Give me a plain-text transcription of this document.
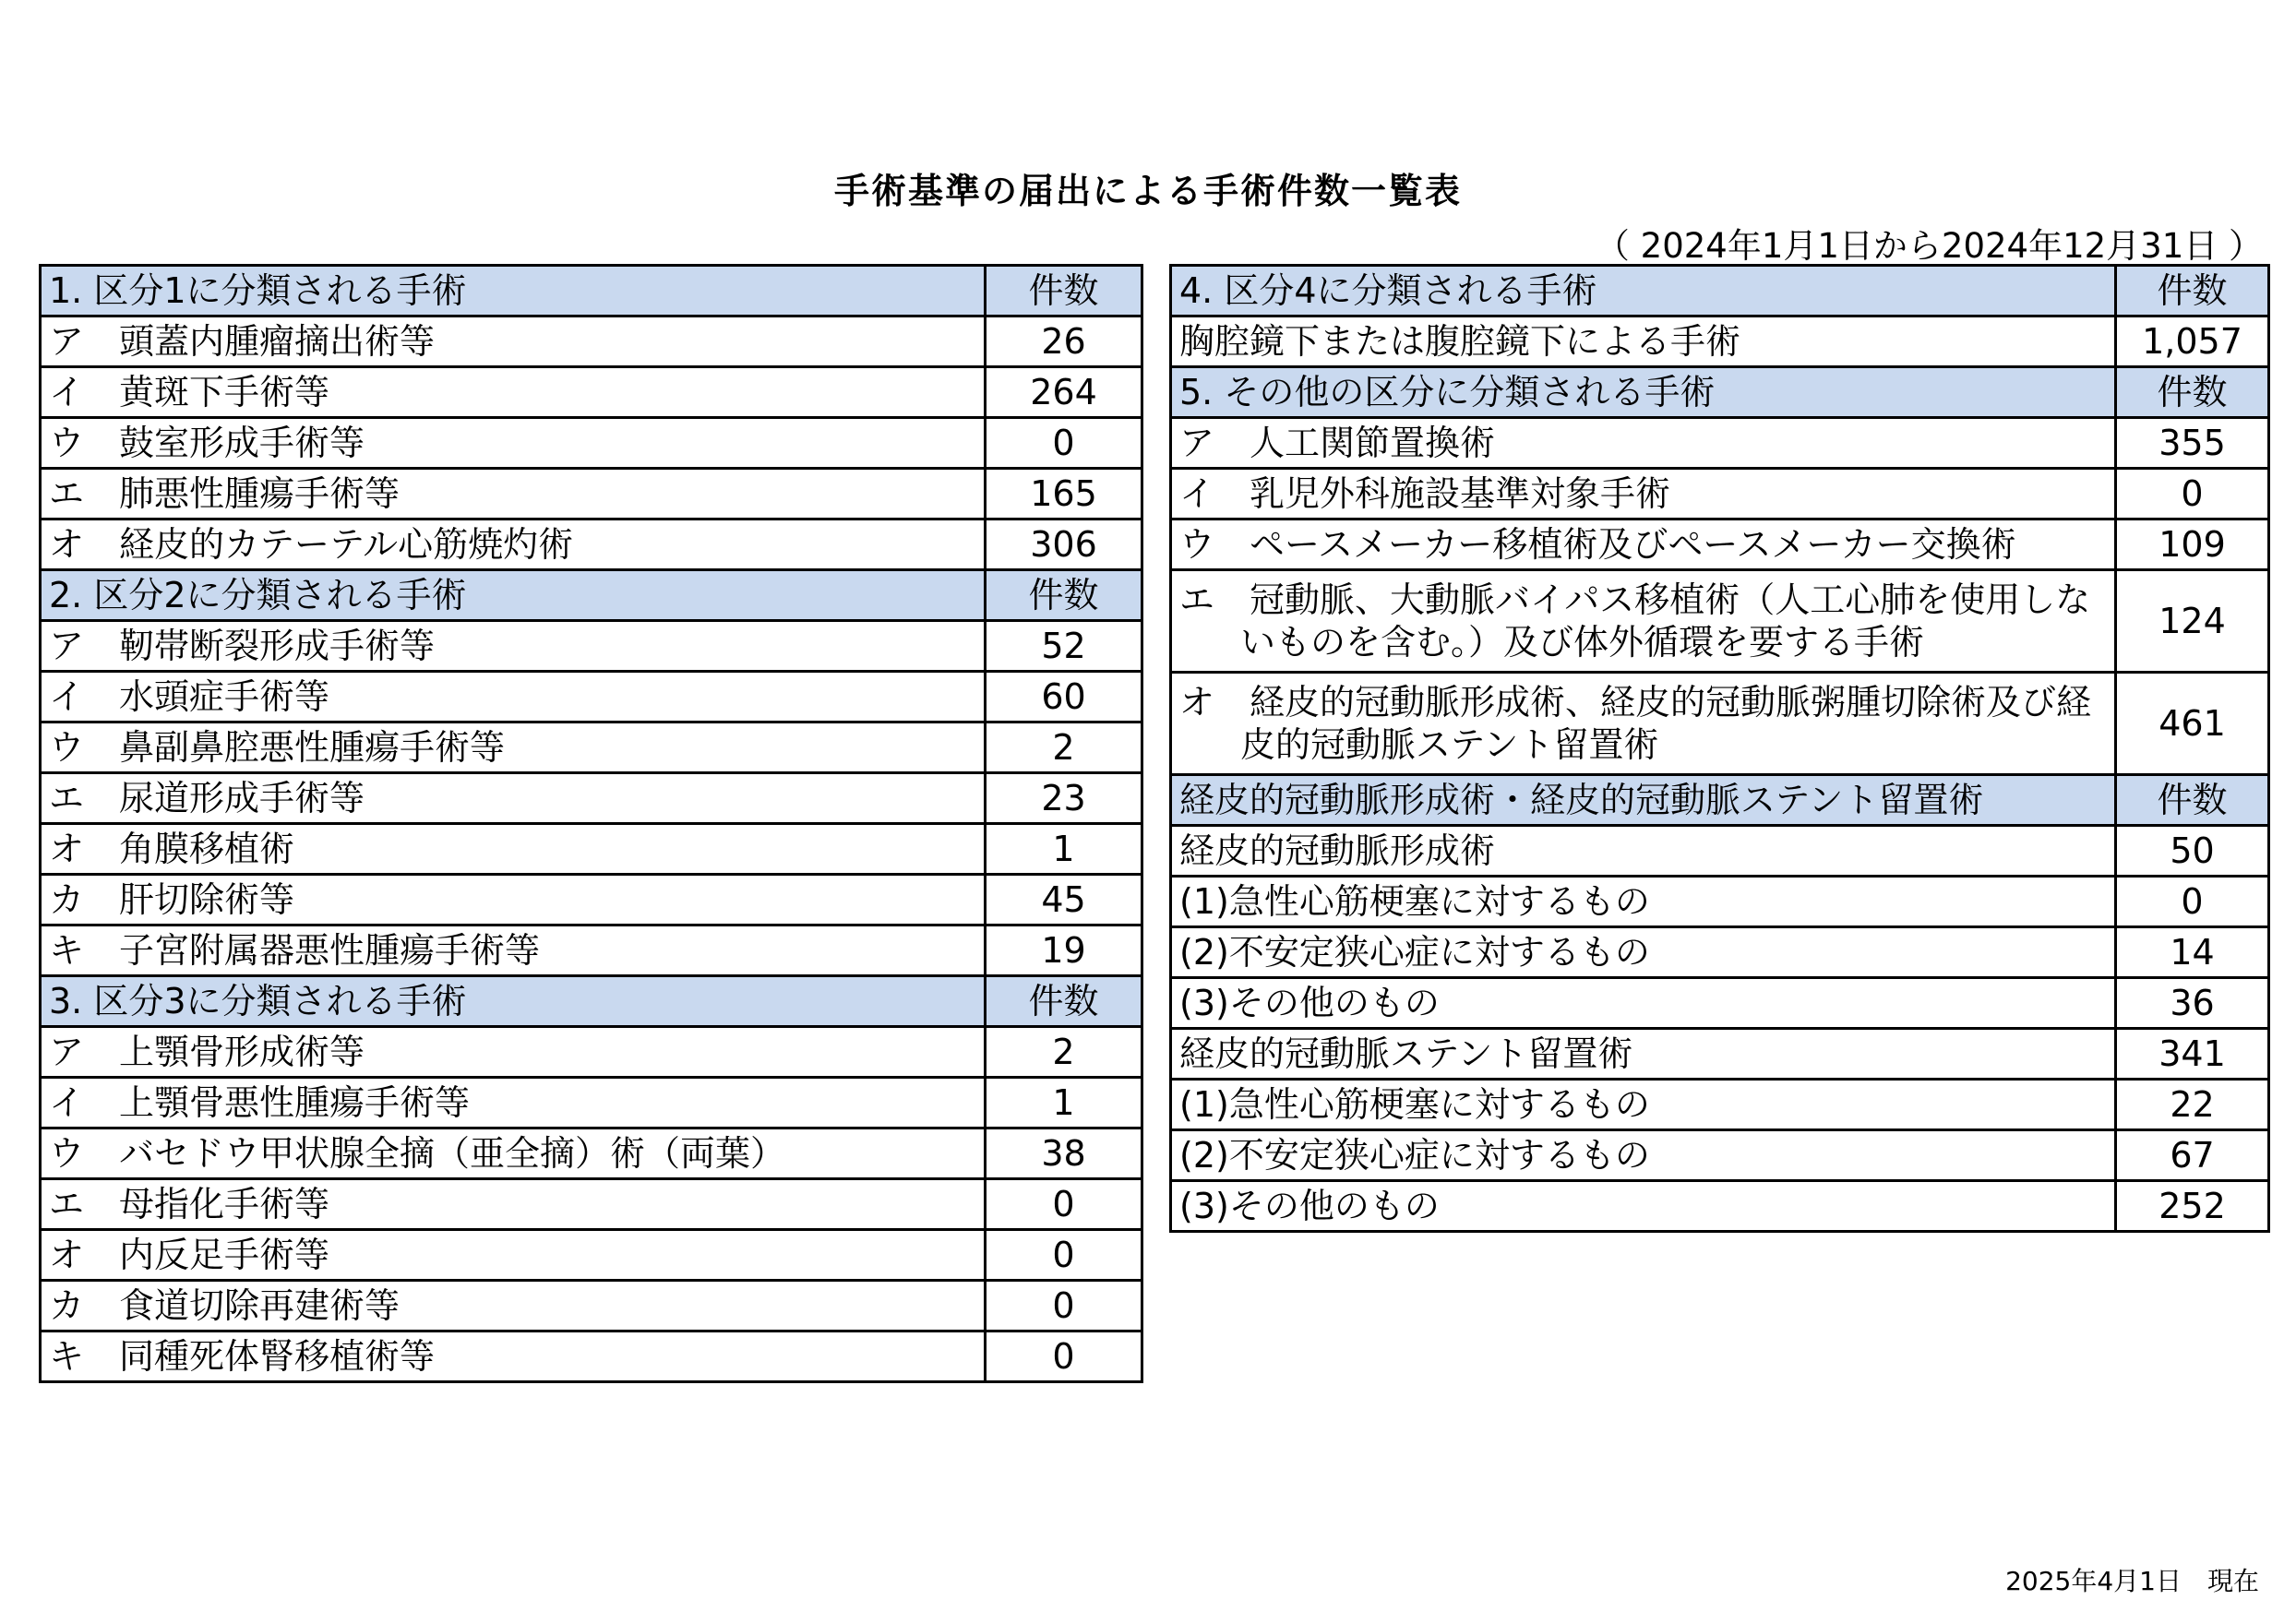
手術基準の届出による手術件数一覧表
（ 2024年1月1日から2024年12月31日 ）
1. 区分1に分類される手術	件数
ア　頭蓋内腫瘤摘出術等	26
イ　黄斑下手術等	264
ウ　鼓室形成手術等	0
エ　肺悪性腫瘍手術等	165
オ　経皮的カテーテル心筋焼灼術	306
2. 区分2に分類される手術	件数
ア　靭帯断裂形成手術等	52
イ　水頭症手術等	60
ウ　鼻副鼻腔悪性腫瘍手術等	2
エ　尿道形成手術等	23
オ　角膜移植術	1
カ　肝切除術等	45
キ　子宮附属器悪性腫瘍手術等	19
3. 区分3に分類される手術	件数
ア　上顎骨形成術等	2
イ　上顎骨悪性腫瘍手術等	1
ウ　バセドウ甲状腺全摘（亜全摘）術（両葉）	38
エ　母指化手術等	0
オ　内反足手術等	0
カ　食道切除再建術等	0
キ　同種死体腎移植術等	0
4. 区分4に分類される手術	件数
胸腔鏡下または腹腔鏡下による手術	1,057
5. その他の区分に分類される手術	件数
ア　人工関節置換術	355
イ　乳児外科施設基準対象手術	0
ウ　ペースメーカー移植術及びペースメーカー交換術	109

エ　冠動脈、大動脈バイパス移植術（人工心肺を使用しないものを含む。）及び体外循環を要する手術	124

オ　経皮的冠動脈形成術、経皮的冠動脈粥腫切除術及び経皮的冠動脈ステント留置術	461
経皮的冠動脈形成術・経皮的冠動脈ステント留置術	件数
経皮的冠動脈形成術	50
(1)急性心筋梗塞に対するもの	0
(2)不安定狭心症に対するもの	14
(3)その他のもの	36
経皮的冠動脈ステント留置術	341
(1)急性心筋梗塞に対するもの	22
(2)不安定狭心症に対するもの	67
(3)その他のもの	252
2025年4月1日　現在
